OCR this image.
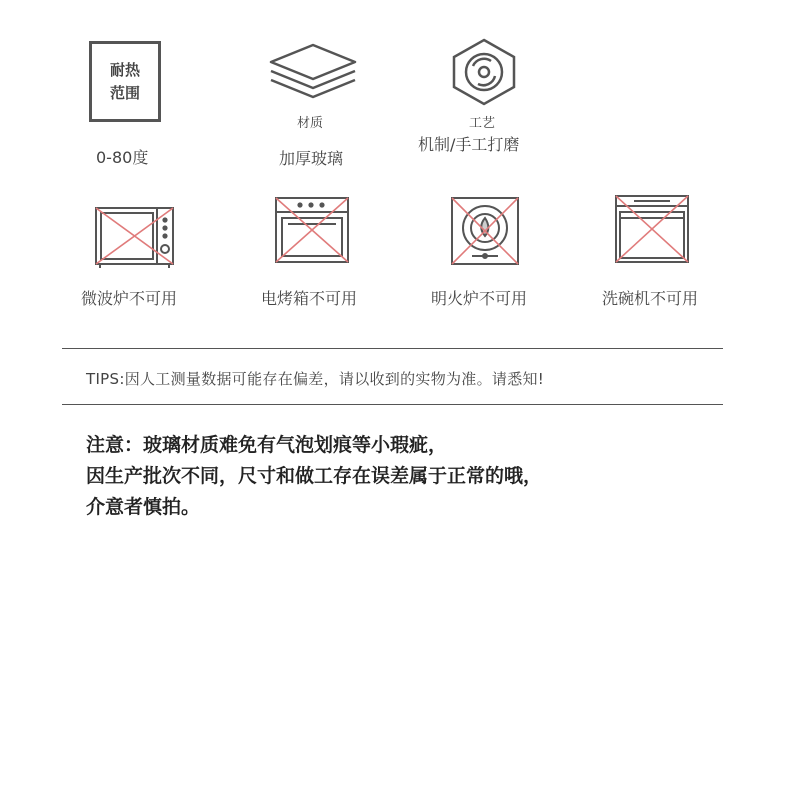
耐热
范围
0-80度
材质
加厚玻璃
工艺
机制/手工打磨
微波炉不可用	电烤箱不可用	明火炉不可用	洗碗机不可用
TIPS:因人工测量数据可能存在偏差，请以收到的实物为准。请悉知!
注意：玻璃材质难免有气泡划痕等小瑕疵，
因生产批次不同，尺寸和做工存在误差属于正常的哦，
介意者慎拍。
